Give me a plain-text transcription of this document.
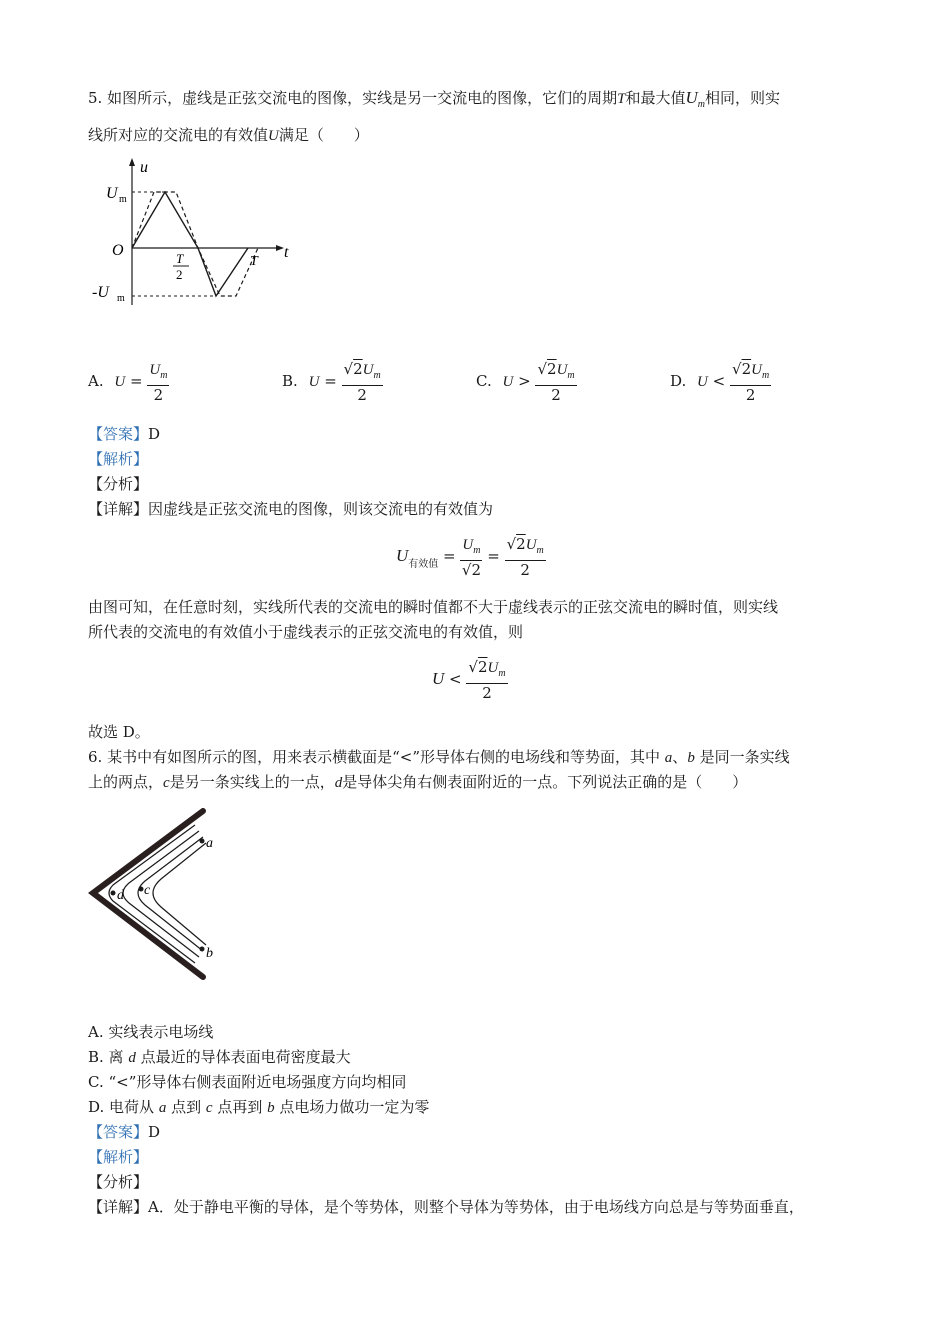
5. 如图所示，虚线是正弦交流电的图像，实线是另一交流电的图像，它们的周期T和最大值$U_m$相同，则实
线所对应的交流电的有效值U满足（　　）
u
t
O
U m
-U m
T
2
T
A. $U = \frac{U_m}{2}$	B. $U = \frac{√2U_m}{2}$	C. $U > \frac{√2U_m}{2}$	D. $U < \frac{√2U_m}{2}$
【答案】D
【解析】
【分析】
【详解】因虚线是正弦交流电的图像，则该交流电的有效值为
$U_{有效值} = \frac{U_m}{√2} = \frac{√2U_m}{2}$
由图可知，在任意时刻，实线所代表的交流电的瞬时值都不大于虚线表示的正弦交流电的瞬时值，则实线
所代表的交流电的有效值小于虚线表示的正弦交流电的有效值，则
$U < \frac{√2U_m}{2}$
故选 D。
6. 某书中有如图所示的图，用来表示横截面是“<”形导体右侧的电场线和等势面，其中 a、b 是同一条实线
上的两点，c是另一条实线上的一点，d是导体尖角右侧表面附近的一点。下列说法正确的是（　　）
a
b
c
d
A. 实线表示电场线
B. 离 d 点最近的导体表面电荷密度最大
C. “<”形导体右侧表面附近电场强度方向均相同
D. 电荷从 a 点到 c 点再到 b 点电场力做功一定为零
【答案】D
【解析】
【分析】
【详解】A．处于静电平衡的导体，是个等势体，则整个导体为等势体，由于电场线方向总是与等势面垂直，
